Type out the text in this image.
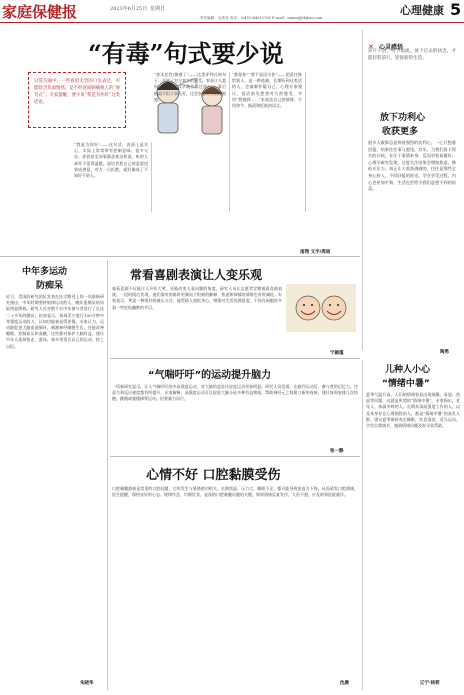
家庭保健报	2023年6月25日 星期日	心理健康 5
责任编辑：毛美莹 电话：(0451)84612185 E-mail：mmm@jtbjbao.com
“有毒”句式要少说
日常沟通中，一些看似无害的口头表达，可能暗含负面情绪，是不经意间刺痛他人的“毒句式”。专家提醒，要少说“我是为你好”这类话语。
“我是为你好”——这句话，表面上是关心，实际上常常带有控制意味。很多父母、伴侣甚至同事都喜欢这样说，听的人却并不觉得温暖。说话者把自己的意愿包装成善意，对方一旦拒绝，就好像成了不知好歹的人。
“你太任性/敏感了”——这类评判式的句子，否定了对方真实的感受，容易让人委屈、压抑。“我早就告诉过你”——事后指责不但于事无补，还会加重对方的挫败感。
“都怪你”“要不是因为你”——把责任推给别人，是一种逃避。长期听到这类话的人，会渐渐怀疑自己。心理专家建议，说话前先想想对方的感受，多用“我感到……”来表达自己的情绪，少用命令、指责和贬低的语言。
南翔 文字/周雨
✕ 心灵感悟
岁月不居，时节如流。放下过去的执念，才能轻装前行，迎接新的生活。
放下功利心
收获更多
很多人做事总是带着强烈的功利心，一心只想着回报，结果往往事与愿违。其实，当我们放下得失的计较，专注于事情本身，反而更容易做好。心理学研究发现，过度关注结果会增加焦虑，降低专注力。真正让人收获满满的，往往是那些全身心投入、不问回报的时光。学会享受过程，内心会更加平和，生活也会给予我们意想不到的惊喜。
陶勇
中年多运动
防痴呆
近日，美国的研究团队发表在医学期刊上的一项最新研究指出，中年时期坚持规律运动的人，晚年患痴呆的风险明显降低。研究人员对数千名中年参与者进行了长达二十多年的随访。结果显示，每周至少进行150分钟中等强度运动的人，认知功能衰退得更慢。专家认为，运动能促进大脑血液循环，刺激神经细胞生长，还能改善睡眠、控制血压和血糖，这些都对保护大脑有益。建议中年人选择快走、游泳、骑车等适合自己的运动，持之以恒。
朱晓华
常看喜剧表演让人变乐观
观看喜剧不仅能让人开怀大笑，还能改变人看问题的角度。研究人员让志愿者定期观看喜剧表演，一段时间后发现，他们面对困难时更倾向于积极的解释，焦虑和抑郁的情绪也有所减轻。专家表示，笑是一种很好的减压方式，能帮助人放松身心，增强对生活的满意度。不妨在闲暇时多看一些轻松幽默的节目。
宁颖瑾
“气喘吁吁”的运动提升脑力
一项新研究显示，让人气喘吁吁的中高强度运动，对大脑的益处比轻度运动更加明显。研究人员发现，在剧烈运动后，参与者的记忆力、注意力和反应速度都有所提升。专家解释，高强度运动可以促进大脑分泌多种有益物质，帮助神经元之间建立新的连接。建议每周安排几次快跑、跳绳或爬楼梯等运动，但要量力而行。
张一静
心情不好 口腔黏膜受伤
口腔黏膜溃疡是常见的口腔问题，它的发生与情绪密切相关。长期焦虑、压力大、睡眠不足，都可能导致免疫力下降，从而诱发口腔溃疡。医生提醒，保持良好的心态、规律作息、均衡饮食，是预防口腔黏膜问题的关键。如果溃疡反复发作、久治不愈，应及时到医院就诊。
沈晨
儿种人小心
“情绪中暑”
夏季气温升高，人们的情绪容易出现烦躁、易怒、焦虑等问题，这就是所谓的“情绪中暑”。专家指出，老年人、体弱多病的人、长期从事高强度工作的人，以及本身存在心理困扰的人，都是“情绪中暑”的高发人群。建议夏季保持充足睡眠，饮食清淡，适当运动，学会自我调节，遇到情绪问题及时寻求帮助。
辽宁·杨莉
